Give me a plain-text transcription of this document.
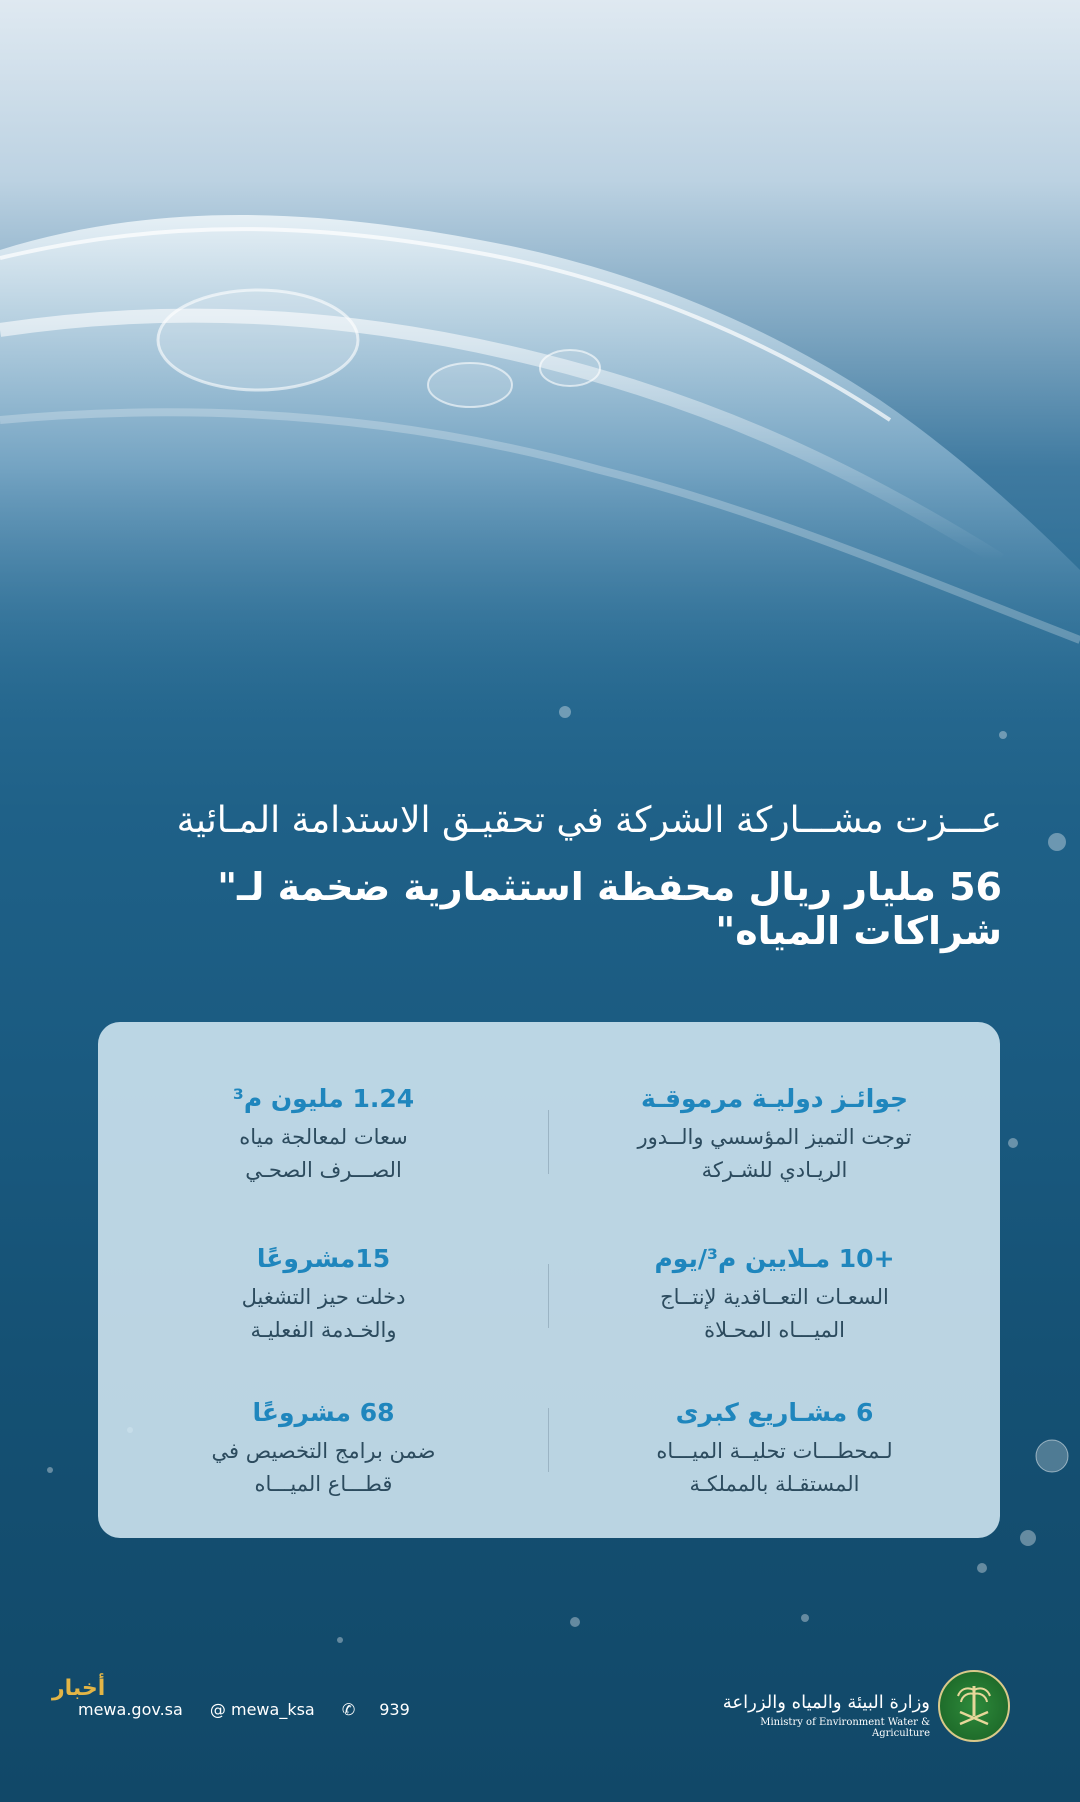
عـــزت مشـــاركة الشركة في تحقيـق الاستدامة المـائية

56 مليار ريال محفظة استثمارية ضخمة لـ" شراكات المياه"

جوائـز دوليـة مرموقـة

توجت التميز المؤسسي والــدور

الريـادي للشـركة

1.24 مليون م³

سعات لمعالجة مياه

الصـــرف الصحـي

+10 مـلايين م³/يوم

السعـات التعــاقدية لإنتــاج

الميـــاه المحـلاة

15مشروعًا

دخلت حيز التشغيل

والخـدمة الفعليـة

6 مشـاريع كبرى

لـمحطـــات تحليــة الميـــاه

المستقـلة بالمملكـة

68 مشروعًا

ضمن برامج التخصيص في

قطـــاع الميـــاه

أخبار
mewa.gov.sa @ mewa_ksa ✆ 939	وزارة البيئة والمياه والزراعة

Ministry of Environment Water & Agriculture
